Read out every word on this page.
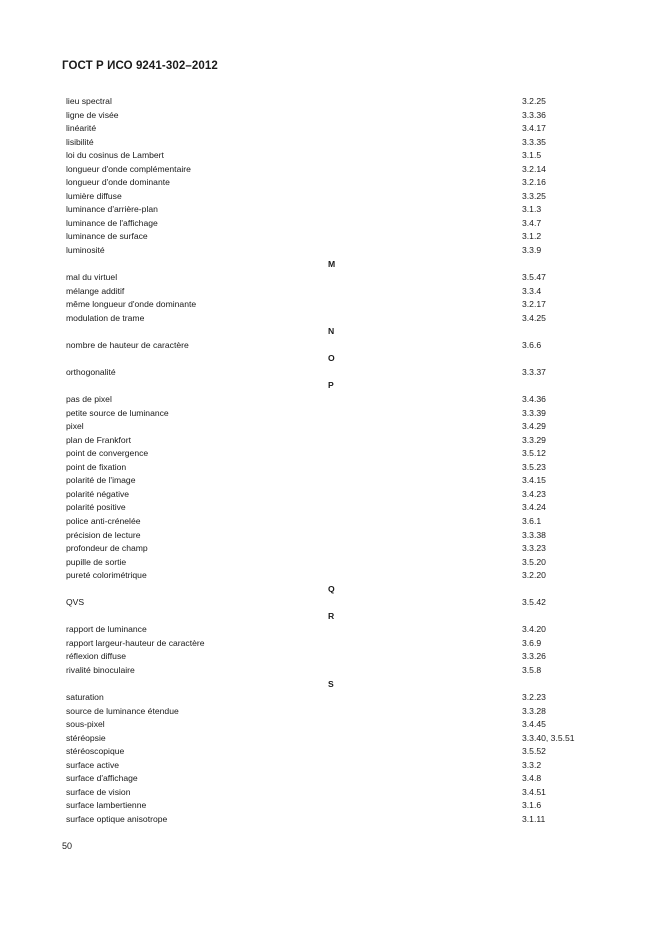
ГОСТ Р ИСО 9241-302–2012
lieu spectral	3.2.25
ligne de visée	3.3.36
linéarité	3.4.17
lisibilité	3.3.35
loi du cosinus de Lambert	3.1.5
longueur d'onde complémentaire	3.2.14
longueur d'onde dominante	3.2.16
lumière diffuse	3.3.25
luminance d'arrière-plan	3.1.3
luminance de l'affichage	3.4.7
luminance de surface	3.1.2
luminosité	3.3.9
M
mal du virtuel	3.5.47
mélange additif	3.3.4
même longueur d'onde dominante	3.2.17
modulation de trame	3.4.25
N
nombre de hauteur de caractère	3.6.6
O
orthogonalité	3.3.37
P
pas de pixel	3.4.36
petite source de luminance	3.3.39
pixel	3.4.29
plan de Frankfort	3.3.29
point de convergence	3.5.12
point de fixation	3.5.23
polarité de l'image	3.4.15
polarité négative	3.4.23
polarité positive	3.4.24
police anti-crénelée	3.6.1
précision de lecture	3.3.38
profondeur de champ	3.3.23
pupille de sortie	3.5.20
pureté colorimétrique	3.2.20
Q
QVS	3.5.42
R
rapport de luminance	3.4.20
rapport largeur-hauteur de caractère	3.6.9
réflexion diffuse	3.3.26
rivalité binoculaire	3.5.8
S
saturation	3.2.23
source de luminance étendue	3.3.28
sous-pixel	3.4.45
stéréopsie	3.3.40, 3.5.51
stéréoscopique	3.5.52
surface active	3.3.2
surface d'affichage	3.4.8
surface de vision	3.4.51
surface lambertienne	3.1.6
surface optique anisotrope	3.1.11
50
